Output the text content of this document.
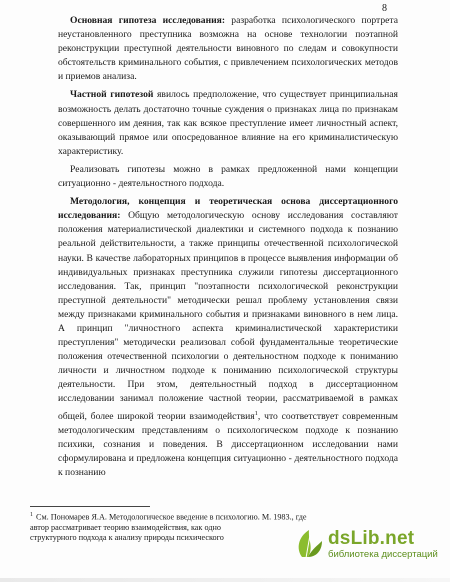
8

Основная гипотеза исследования: разработка психологического портрета неустановленного преступника возможна на основе технологии поэтапной реконструкции преступной деятельности виновного по следам и совокупности обстоятельств криминального события, с привлечением психологических методов и приемов анализа.

Частной гипотезой явилось предположение, что существует принципиальная возможность делать достаточно точные суждения о признаках лица по признакам совершенного им деяния, так как всякое преступление имеет личностный аспект, оказывающий прямое или опосредованное влияние на его криминалистическую характеристику.

Реализовать гипотезы можно в рамках предложенной нами концепции ситуационно - деятельностного подхода.

Методология, концепция и теоретическая основа диссертационного исследования: Общую методологическую основу исследования составляют положения материалистической диалектики и системного подхода к познанию реальной действительности, а также принципы отечественной психологической науки. В качестве лабораторных принципов в процессе выявления информации об индивидуальных признаках преступника служили гипотезы диссертационного исследования. Так, принцип "поэтапности психологической реконструкции преступной деятельности" методически решал проблему установления связи между признаками криминального события и признаками виновного в нем лица. А принцип "личностного аспекта криминалистической характеристики преступления" методически реализовал собой фундаментальные теоретические положения отечественной психологии о деятельностном подходе к пониманию личности и личностном подходе к пониманию психологической структуры деятельности. При этом, деятельностный подход в диссертационном исследовании занимал положение частной теории, рассматриваемой в рамках общей, более широкой теории взаимодействия$^1$, что соответствует современным методологическим представлениям о психологическом подходе к познанию психики, сознания и поведения. В диссертационном исследовании нами сформулирована и предложена концепция ситуационно - деятельностного подхода к познанию

$^1$ См. Пономарев Я.А. Методологическое введение в психологию. М. 1983., где
автор рассматривает теорию взаимодействия, как одно
структурного подхода к анализу природы психического	dsLib.net
библиотека диссертаций
